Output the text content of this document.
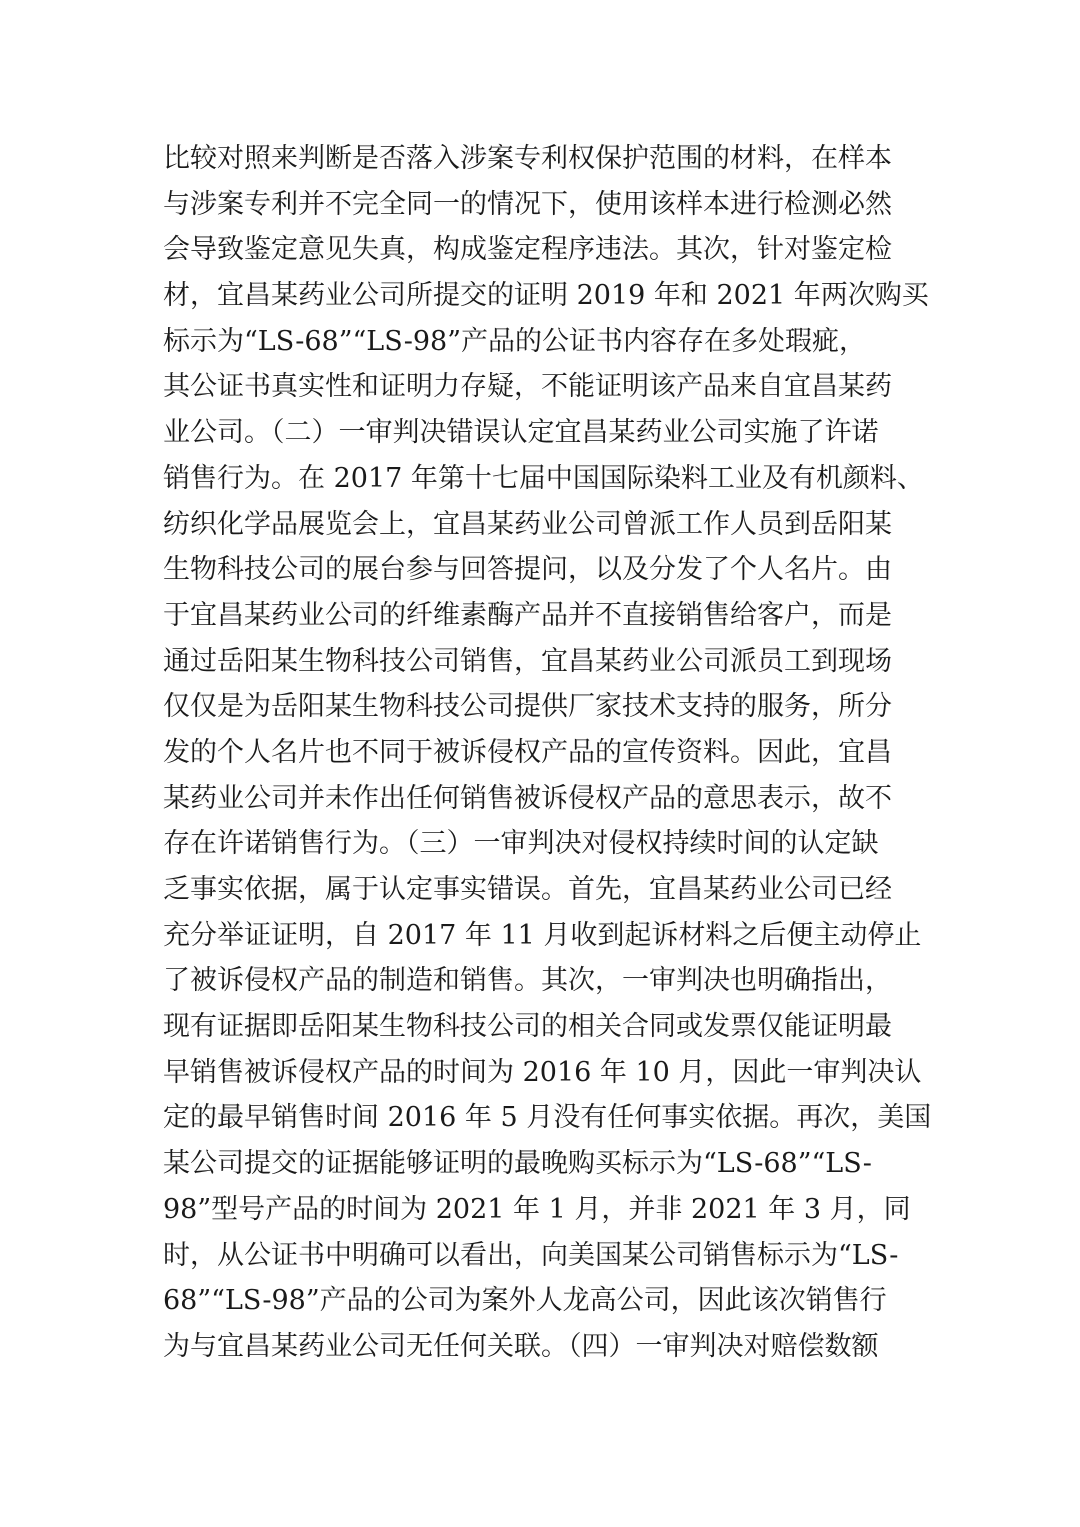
比较对照来判断是否落入涉案专利权保护范围的材料，在样本
与涉案专利并不完全同一的情况下，使用该样本进行检测必然
会导致鉴定意见失真，构成鉴定程序违法。其次，针对鉴定检
材，宜昌某药业公司所提交的证明 2019 年和 2021 年两次购买
标示为“LS-68”“LS-98”产品的公证书内容存在多处瑕疵，
其公证书真实性和证明力存疑，不能证明该产品来自宜昌某药
业公司。（二）一审判决错误认定宜昌某药业公司实施了许诺
销售行为。在 2017 年第十七届中国国际染料工业及有机颜料、
纺织化学品展览会上，宜昌某药业公司曾派工作人员到岳阳某
生物科技公司的展台参与回答提问，以及分发了个人名片。由
于宜昌某药业公司的纤维素酶产品并不直接销售给客户，而是
通过岳阳某生物科技公司销售，宜昌某药业公司派员工到现场
仅仅是为岳阳某生物科技公司提供厂家技术支持的服务，所分
发的个人名片也不同于被诉侵权产品的宣传资料。因此，宜昌
某药业公司并未作出任何销售被诉侵权产品的意思表示，故不
存在许诺销售行为。（三）一审判决对侵权持续时间的认定缺
乏事实依据，属于认定事实错误。首先，宜昌某药业公司已经
充分举证证明，自 2017 年 11 月收到起诉材料之后便主动停止
了被诉侵权产品的制造和销售。其次，一审判决也明确指出，
现有证据即岳阳某生物科技公司的相关合同或发票仅能证明最
早销售被诉侵权产品的时间为 2016 年 10 月，因此一审判决认
定的最早销售时间 2016 年 5 月没有任何事实依据。再次，美国
某公司提交的证据能够证明的最晚购买标示为“LS-68”“LS-
98”型号产品的时间为 2021 年 1 月，并非 2021 年 3 月，同
时，从公证书中明确可以看出，向美国某公司销售标示为“LS-
68”“LS-98”产品的公司为案外人龙高公司，因此该次销售行
为与宜昌某药业公司无任何关联。（四）一审判决对赔偿数额
